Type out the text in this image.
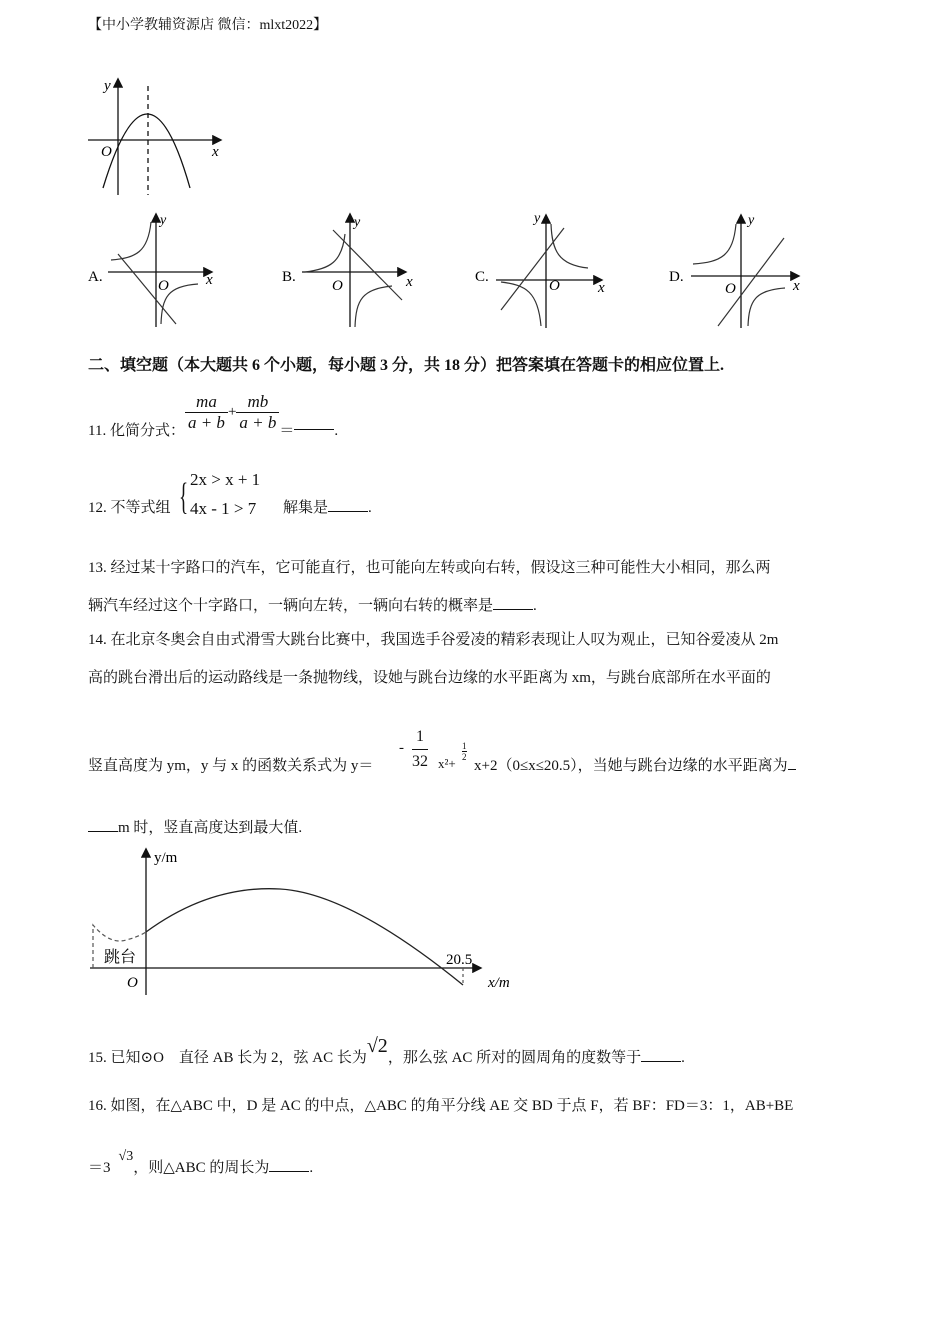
【中小学教辅资源店 微信：mlxt2022】
y
O	x
A.
y
O x	B.
y
O	x	C.
y
O	x
D.
y
O	x
二、填空题（本大题共 6 个小题，每小题 3 分，共 18 分）把答案填在答题卡的相应位置上.
11. 化简分式： $\frac{ma}{a + b} + \frac{mb}{a + b}$ ＝	.
12. 不等式组 { 2x > x + 1
4x - 1 > 7 解集是	.
13. 经过某十字路口的汽车，它可能直行，也可能向左转或向右转，假设这三种可能性大小相同，那么两
辆汽车经过这个十字路口，一辆向左转，一辆向右转的概率是	.
14. 在北京冬奥会自由式滑雪大跳台比赛中，我国选手谷爱凌的精彩表现让人叹为观止，已知谷爱凌从 2m
高的跳台滑出后的运动路线是一条抛物线，设她与跳台边缘的水平距离为 xm，与跳台底部所在水平面的
竖直高度为 ym，y 与 x 的函数关系式为 y＝
-
1
32 x²+
1
2
x+2（0≤x≤20.5），当她与跳台边缘的水平距离为
m 时，竖直高度达到最大值.
y/m
x/m
O
跳台	20.5
15. 已知⊙O　直径 AB 长为 2，弦 AC 长为√2，那么弦 AC 所对的圆周角的度数等于	.
16. 如图，在△ABC 中，D 是 AC 的中点，△ABC 的角平分线 AE 交 BD 于点 F，若 BF：FD＝3：1，AB+BE
＝3√3，则△ABC 的周长为	.
